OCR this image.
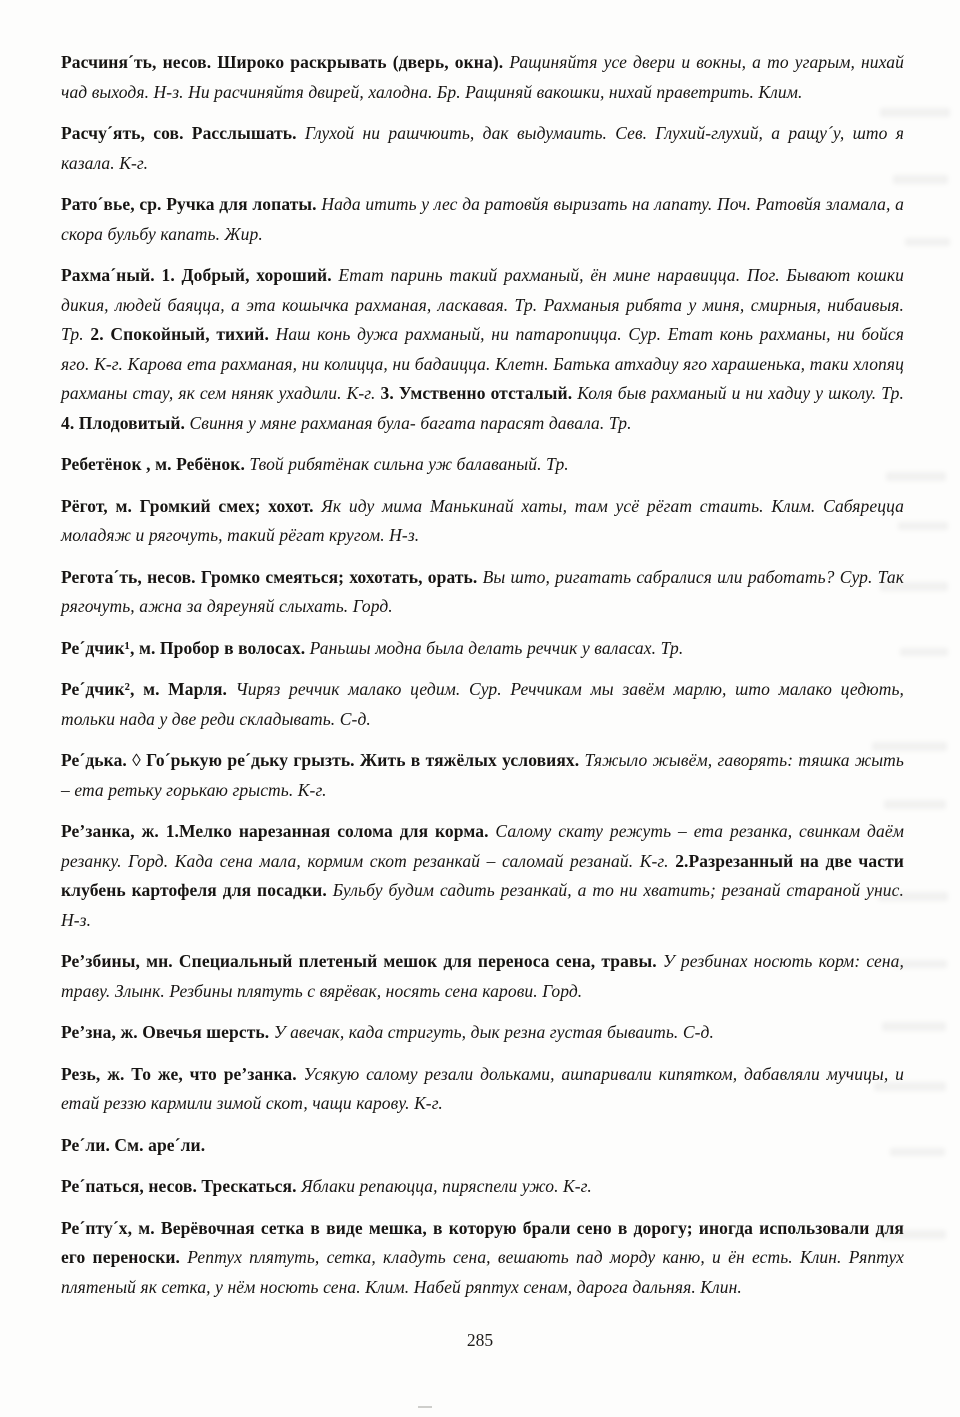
Расчиня´ть, несов. Широко раскрывать (дверь, окна). Ращиняйтя усе двери и вокны, а то угарым, нихай чад выходя. Н-з. Ни расчиняйтя двирей, халодна. Бр. Ращиняй вакошки, нихай праветрить. Клим.

Расчу´ять, сов. Расслышать. Глухой ни рашчюить, дак выдумаить. Сев. Глухий-глухий, а ращу´у, што я казала. К-г.

Рато´вье, ср. Ручка для лопаты. Нада итить у лес да ратовйя выризать на лапату. Поч. Ратовйя зламала, а скора бульбу капать. Жир.

Рахма´ный. 1. Добрый, хороший. Етат паринь такий рахманый, ён мине наравицца. Пог. Бывают кошки дикия, людей баяцца, а эта кошычка рахманая, ласкавая. Тр. Рахманыя рибята у миня, смирныя, нибаивыя. Тр. 2. Спокойный, тихий. Наш конь дужа рахманый, ни патаропицца. Сур. Етат конь рахманы, ни бойся яго. К-г. Карова ета рахманая, ни колицца, ни бадаицца. Клетн. Батька атхадиу яго харашенька, таки хлопяц рахманы стау, як сем няняк ухадили. К-г. 3. Умственно отсталый. Коля быв рахманый и ни хадиу у школу. Тр. 4. Плодовитый. Свиння у мяне рахманая була- багата парасят давала. Тр.

Ребетёнок , м. Ребёнок. Твой рибятёнак сильна уж балаваный. Тр.

Рёгот, м. Громкий смех; хохот. Як иду мима Манькинай хаты, там усё рёгат стаить. Клим. Сабярецца моладяж и рягочуть, такий рёгат кругом. Н-з.

Регота´ть, несов. Громко смеяться; хохотать, орать. Вы што, ригатать сабралися или работать? Сур. Так рягочуть, ажна за дяреуняй слыхать. Горд.

Ре´дчик¹, м. Пробор в волосах. Раньшы модна была делать реччик у валасах. Тр.

Ре´дчик², м. Марля. Чиряз реччик малако цедим. Сур. Реччикам мы завём марлю, што малако цедють, тольки нада у две реди складывать. С-д.

Ре´дька. ◊ Го´рькую ре´дьку грызть. Жить в тяжёлых условиях. Тяжыло жывём, гаворять: тяшка жыть – ета ретьку горькаю грысть. К-г.

Ре’занка, ж. 1.Мелко нарезанная солома для корма. Салому скату режуть – ета резанка, свинкам даём резанку. Горд. Када сена мала, кормим скот резанкай – саломай резанай. К-г. 2.Разрезанный на две части клубень картофеля для посадки. Бульбу будим садить резанкай, а то ни хватить; резанай стараной унис. Н-з.

Ре’збины, мн. Специальный плетеный мешок для переноса сена, травы. У резбинах носють корм: сена, траву. Злынк. Резбины плятуть с вярёвак, носять сена карови. Горд.

Ре’зна, ж. Овечья шерсть. У авечак, када стригуть, дык резна густая бываить. С-д.

Резь, ж. То же, что ре’занка. Усякую салому резали дольками, ашпаривали кипятком, дабавляли мучицы, и етай реззю кармили зимой скот, чащи карову. К-г.

Ре´ли. См. аре´ли.

Ре´паться, несов. Трескаться. Яблаки репаюцца, пиряспели ужо. К-г.

Ре´пту´х, м. Верёвочная сетка в виде мешка, в которую брали сено в дорогу; иногда использовали для его переноски. Рептух плятуть, сетка, кладуть сена, вешають пад морду каню, и ён есть. Клин. Ряптух плятеный як сетка, у нём носють сена. Клим. Набей ряптух сенам, дарога дальняя. Клин.

285
